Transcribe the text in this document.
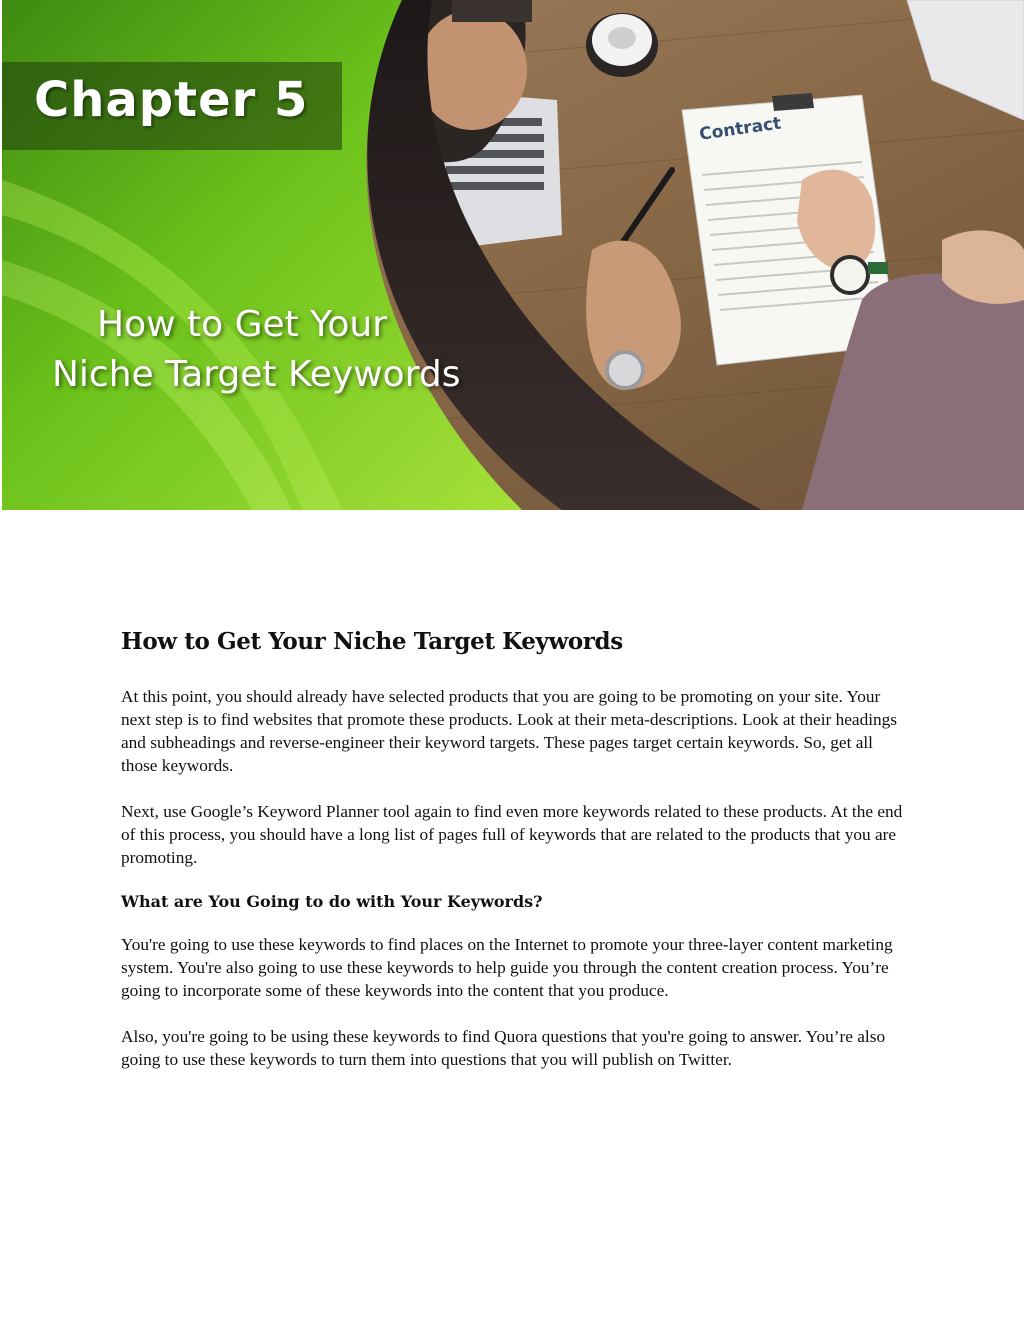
Chapter 5
Contract
How to Get Your
Niche Target Keywords
How to Get Your Niche Target Keywords

At this point, you should already have selected products that you are going to be promoting on your site. Your next step is to find websites that promote these products. Look at their meta-descriptions. Look at their headings and subheadings and reverse-engineer their keyword targets. These pages target certain keywords. So, get all those keywords.

Next, use Google’s Keyword Planner tool again to find even more keywords related to these products. At the end of this process, you should have a long list of pages full of keywords that are related to the products that you are promoting.

What are You Going to do with Your Keywords?

You're going to use these keywords to find places on the Internet to promote your three-layer content marketing system. You're also going to use these keywords to help guide you through the content creation process. You’re going to incorporate some of these keywords into the content that you produce.

Also, you're going to be using these keywords to find Quora questions that you're going to answer. You’re also going to use these keywords to turn them into questions that you will publish on Twitter.
